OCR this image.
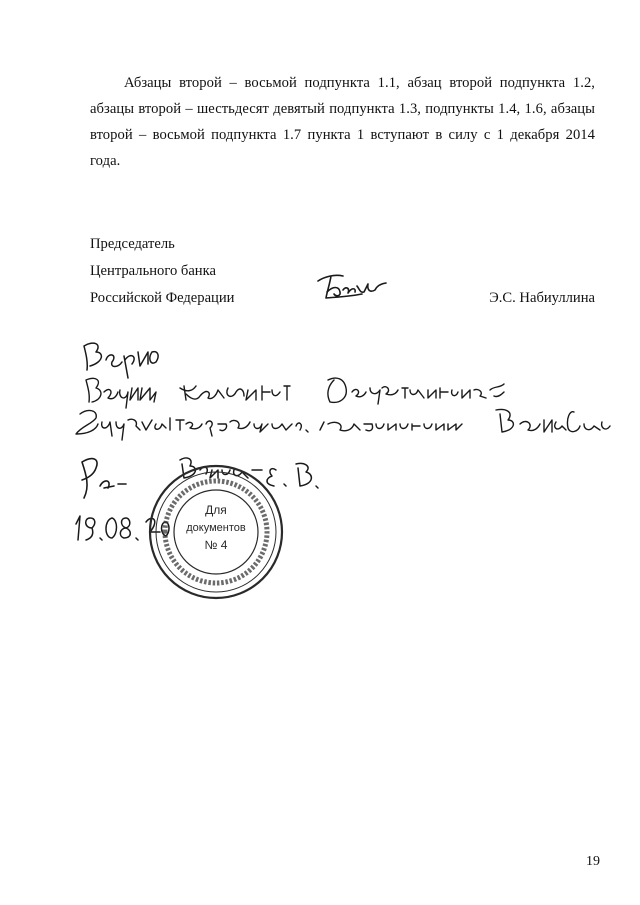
Абзацы второй – восьмой подпункта 1.1, абзац второй подпункта 1.2, абзацы второй – шестьдесят девятый подпункта 1.3, подпункты 1.4, 1.6, абзацы второй – восьмой подпункта 1.7 пункта 1 вступают в силу с 1 декабря 2014 года.

Председатель
Центрального банка
Российской Федерации	Э.С. Набиуллина
Для
документов
№ 4
19
